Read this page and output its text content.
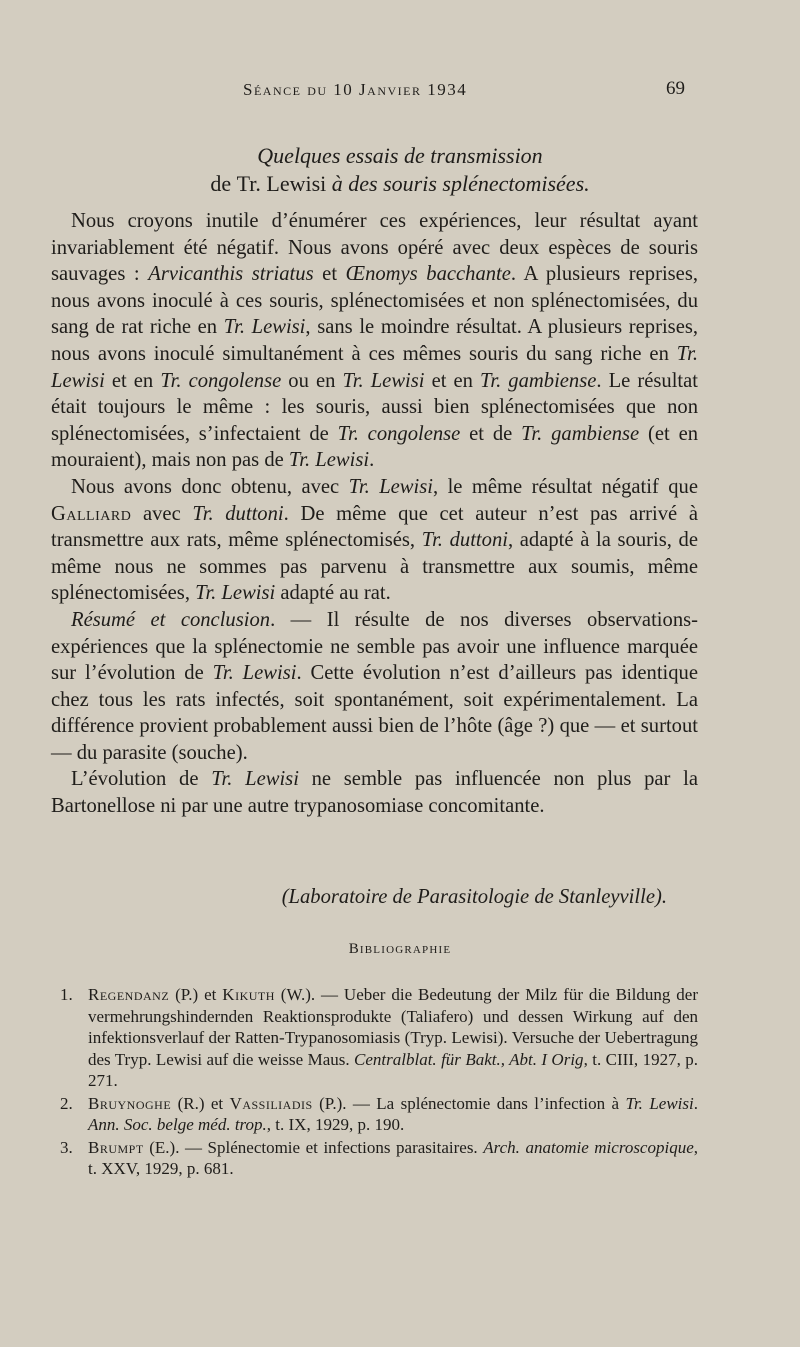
Séance du 10 Janvier 1934	69
Quelques essais de transmission
de Tr. Lewisi à des souris splénectomisées.

Nous croyons inutile d’énumérer ces expériences, leur résultat ayant invariablement été négatif. Nous avons opéré avec deux espèces de souris sauvages : Arvicanthis striatus et Œnomys bacchante. A plusieurs reprises, nous avons inoculé à ces souris, splénectomisées et non splénectomisées, du sang de rat riche en Tr. Lewisi, sans le moindre résultat. A plusieurs reprises, nous avons inoculé simultanément à ces mêmes souris du sang riche en Tr. Lewisi et en Tr. congolense ou en Tr. Lewisi et en Tr. gambiense. Le résultat était toujours le même : les souris, aussi bien splénectomisées que non splénectomisées, s’infectaient de Tr. congolense et de Tr. gambiense (et en mouraient), mais non pas de Tr. Lewisi.

Nous avons donc obtenu, avec Tr. Lewisi, le même résultat négatif que Galliard avec Tr. duttoni. De même que cet auteur n’est pas arrivé à transmettre aux rats, même splénectomisés, Tr. duttoni, adapté à la souris, de même nous ne sommes pas parvenu à transmettre aux soumis, même splénectomisées, Tr. Lewisi adapté au rat.

Résumé et conclusion. — Il résulte de nos diverses observations-expériences que la splénectomie ne semble pas avoir une influence marquée sur l’évolution de Tr. Lewisi. Cette évolution n’est d’ailleurs pas identique chez tous les rats infectés, soit spontanément, soit expérimentalement. La différence provient probablement aussi bien de l’hôte (âge ?) que — et surtout — du parasite (souche).

L’évolution de Tr. Lewisi ne semble pas influencée non plus par la Bartonellose ni par une autre trypanosomiase concomitante.

(Laboratoire de Parasitologie de Stanleyville).
Bibliographie
1. Regendanz (P.) et Kikuth (W.). — Ueber die Bedeutung der Milz für die Bildung der vermehrungshindernden Reaktionsprodukte (Taliafero) und dessen Wirkung auf den infektionsverlauf der Ratten-Trypanosomiasis (Tryp. Lewisi). Versuche der Uebertragung des Tryp. Lewisi auf die weisse Maus. Centralblat. für Bakt., Abt. I Orig, t. CIII, 1927, p. 271.
2. Bruynoghe (R.) et Vassiliadis (P.). — La splénectomie dans l’infection à Tr. Lewisi. Ann. Soc. belge méd. trop., t. IX, 1929, p. 190.
3. Brumpt (E.). — Splénectomie et infections parasitaires. Arch. anatomie microscopique, t. XXV, 1929, p. 681.
